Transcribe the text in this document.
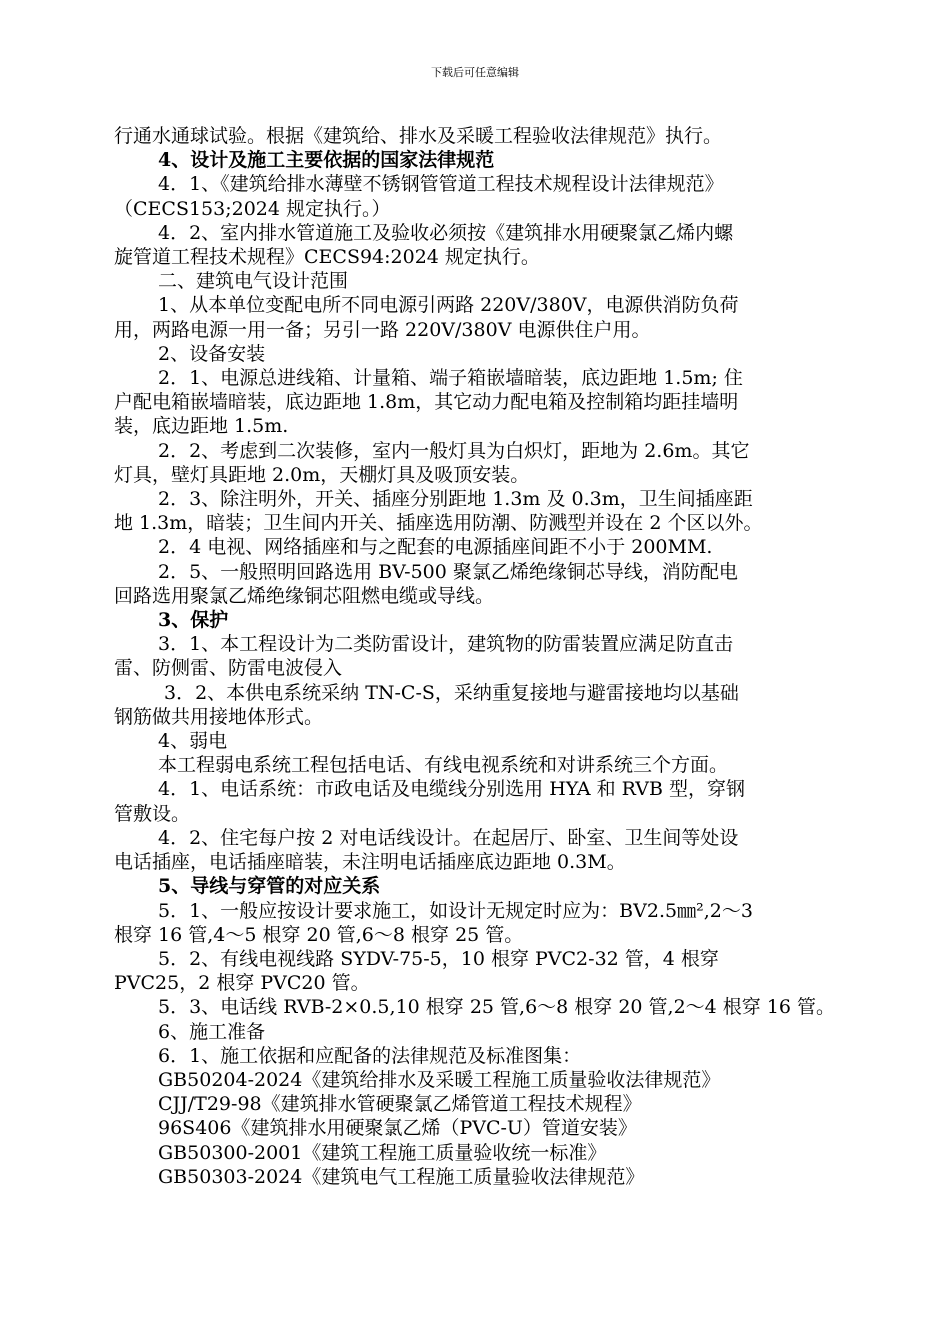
下载后可任意编辑

行通水通球试验。根据《建筑给、排水及采暖工程验收法律规范》执行。

4、设计及施工主要依据的国家法律规范

4．1、《建筑给排水薄壁不锈钢管管道工程技术规程设计法律规范》

（CECS153;2024 规定执行。）

4．2、室内排水管道施工及验收必须按《建筑排水用硬聚氯乙烯内螺

旋管道工程技术规程》CECS94:2024 规定执行。

二、建筑电气设计范围

1、从本单位变配电所不同电源引两路 220V/380V，电源供消防负荷

用，两路电源一用一备；另引一路 220V/380V 电源供住户用。

2、设备安装

2．1、电源总进线箱、计量箱、端子箱嵌墙暗装，底边距地 1.5m; 住

户配电箱嵌墙暗装，底边距地 1.8m，其它动力配电箱及控制箱均距挂墙明

装，底边距地 1.5m.

2．2、考虑到二次装修，室内一般灯具为白炽灯，距地为 2.6m。其它

灯具，壁灯具距地 2.0m，天棚灯具及吸顶安装。

2．3、除注明外，开关、插座分别距地 1.3m 及 0.3m，卫生间插座距

地 1.3m，暗装；卫生间内开关、插座选用防潮、防溅型并设在 2 个区以外。

2．4 电视、网络插座和与之配套的电源插座间距不小于 200MM.

2．5、一般照明回路选用 BV-500 聚氯乙烯绝缘铜芯导线，消防配电

回路选用聚氯乙烯绝缘铜芯阻燃电缆或导线。

3、保护

3．1、本工程设计为二类防雷设计，建筑物的防雷装置应满足防直击

雷、防侧雷、防雷电波侵入

3．2、本供电系统采纳 TN-C-S，采纳重复接地与避雷接地均以基础

钢筋做共用接地体形式。

4、弱电

本工程弱电系统工程包括电话、有线电视系统和对讲系统三个方面。

4．1、电话系统：市政电话及电缆线分别选用 HYA 和 RVB 型，穿钢

管敷设。

4．2、住宅每户按 2 对电话线设计。在起居厅、卧室、卫生间等处设

电话插座，电话插座暗装，未注明电话插座底边距地 0.3M。

5、导线与穿管的对应关系

5．1、一般应按设计要求施工，如设计无规定时应为：BV2.5㎜²,2～3

根穿 16 管,4～5 根穿 20 管,6～8 根穿 25 管。

5．2、有线电视线路 SYDV-75-5，10 根穿 PVC2-32 管，4 根穿

PVC25，2 根穿 PVC20 管。

5．3、电话线 RVB-2×0.5,10 根穿 25 管,6～8 根穿 20 管,2～4 根穿 16 管。

6、施工准备

6．1、施工依据和应配备的法律规范及标准图集：

GB50204-2024《建筑给排水及采暖工程施工质量验收法律规范》

CJJ/T29-98《建筑排水管硬聚氯乙烯管道工程技术规程》

96S406《建筑排水用硬聚氯乙烯（PVC-U）管道安装》

GB50300-2001《建筑工程施工质量验收统一标准》

GB50303-2024《建筑电气工程施工质量验收法律规范》
